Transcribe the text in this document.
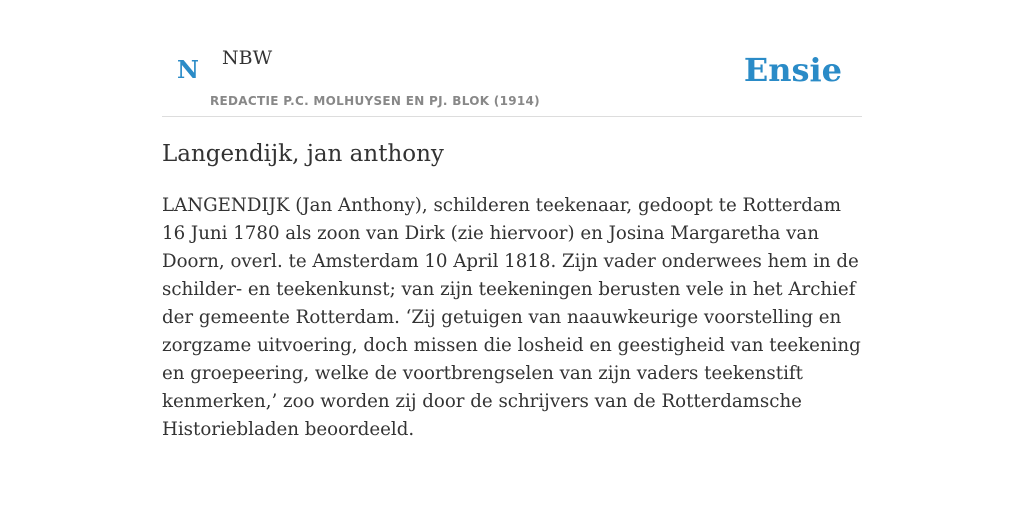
N NBW
REDACTIE P.C. MOLHUYSEN EN PJ. BLOK (1914)
Ensie
Langendijk, jan anthony

LANGENDIJK (Jan Anthony), schilderen teekenaar, gedoopt te Rotterdam 16 Juni 1780 als zoon van Dirk (zie hiervoor) en Josina Margaretha van Doorn, overl. te Amsterdam 10 April 1818. Zijn vader onderwees hem in de schilder- en teekenkunst; van zijn teekeningen berusten vele in het Archief der gemeente Rotterdam. ‘Zij getuigen van naauwkeurige voorstelling en zorgzame uitvoering, doch missen die losheid en geestigheid van teekening en groepeering, welke de voortbrengselen van zijn vaders teekenstift kenmerken,’ zoo worden zij door de schrijvers van de Rotterdamsche Historiebladen beoordeeld.
